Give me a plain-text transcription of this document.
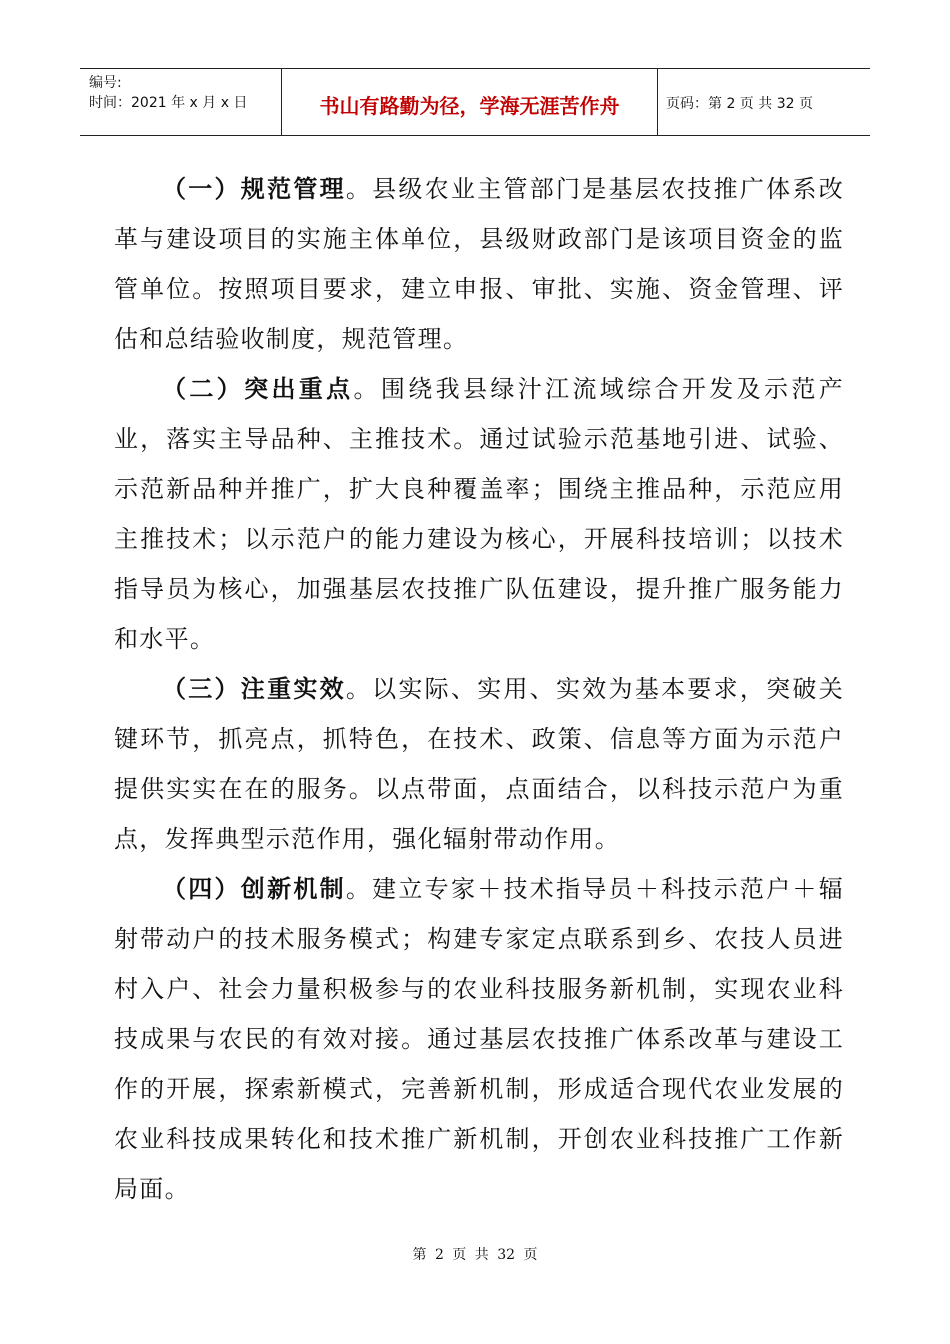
编号:
时间：2021 年 x 月 x 日	书山有路勤为径，学海无涯苦作舟	页码：第 2 页 共 32 页

（一）规范管理。县级农业主管部门是基层农技推广体系改革与建设项目的实施主体单位，县级财政部门是该项目资金的监管单位。按照项目要求，建立申报、审批、实施、资金管理、评估和总结验收制度，规范管理。

（二）突出重点。围绕我县绿汁江流域综合开发及示范产业，落实主导品种、主推技术。通过试验示范基地引进、试验、示范新品种并推广，扩大良种覆盖率；围绕主推品种，示范应用主推技术；以示范户的能力建设为核心，开展科技培训；以技术指导员为核心，加强基层农技推广队伍建设，提升推广服务能力和水平。

（三）注重实效。以实际、实用、实效为基本要求，突破关键环节，抓亮点，抓特色，在技术、政策、信息等方面为示范户提供实实在在的服务。以点带面，点面结合，以科技示范户为重点，发挥典型示范作用，强化辐射带动作用。

（四）创新机制。建立专家＋技术指导员＋科技示范户＋辐射带动户的技术服务模式；构建专家定点联系到乡、农技人员进村入户、社会力量积极参与的农业科技服务新机制，实现农业科技成果与农民的有效对接。通过基层农技推广体系改革与建设工作的开展，探索新模式，完善新机制，形成适合现代农业发展的农业科技成果转化和技术推广新机制，开创农业科技推广工作新局面。

第 2 页 共 32 页
